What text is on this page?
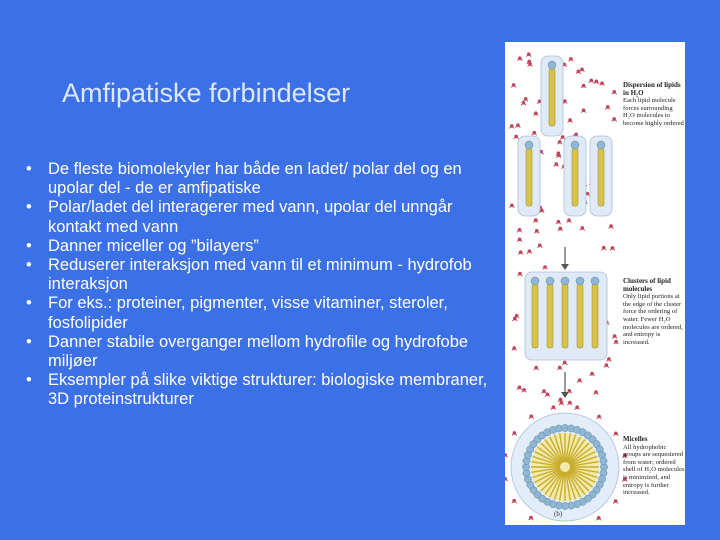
Amfipatiske forbindelser
• De fleste biomolekyler har både en ladet/ polar del og en upolar del - de er amfipatiske
• Polar/ladet del interagerer med vann, upolar del unngår kontakt med vann
• Danner miceller og ”bilayers”
• Reduserer interaksjon med vann til et minimum - hydrofob interaksjon
• For eks.: proteiner, pigmenter, visse vitaminer, steroler, fosfolipider
• Danner stabile overganger mellom hydrofile og hydrofobe miljøer
• Eksempler på slike viktige strukturer: biologiske membraner, 3D proteinstrukturer
Dispersion of lipids in H₂O
Each lipid molecule forces surrounding H₂O molecules to become highly ordered
Clusters of lipid molecules
Only lipid portions at the edge of the cluster force the ordering of water. Fewer H₂O molecules are ordered, and entropy is increased.
Micelles
All hydrophobic groups are sequestered from water; ordered shell of H₂O molecules is minimized, and entropy is further increased.
(b)
